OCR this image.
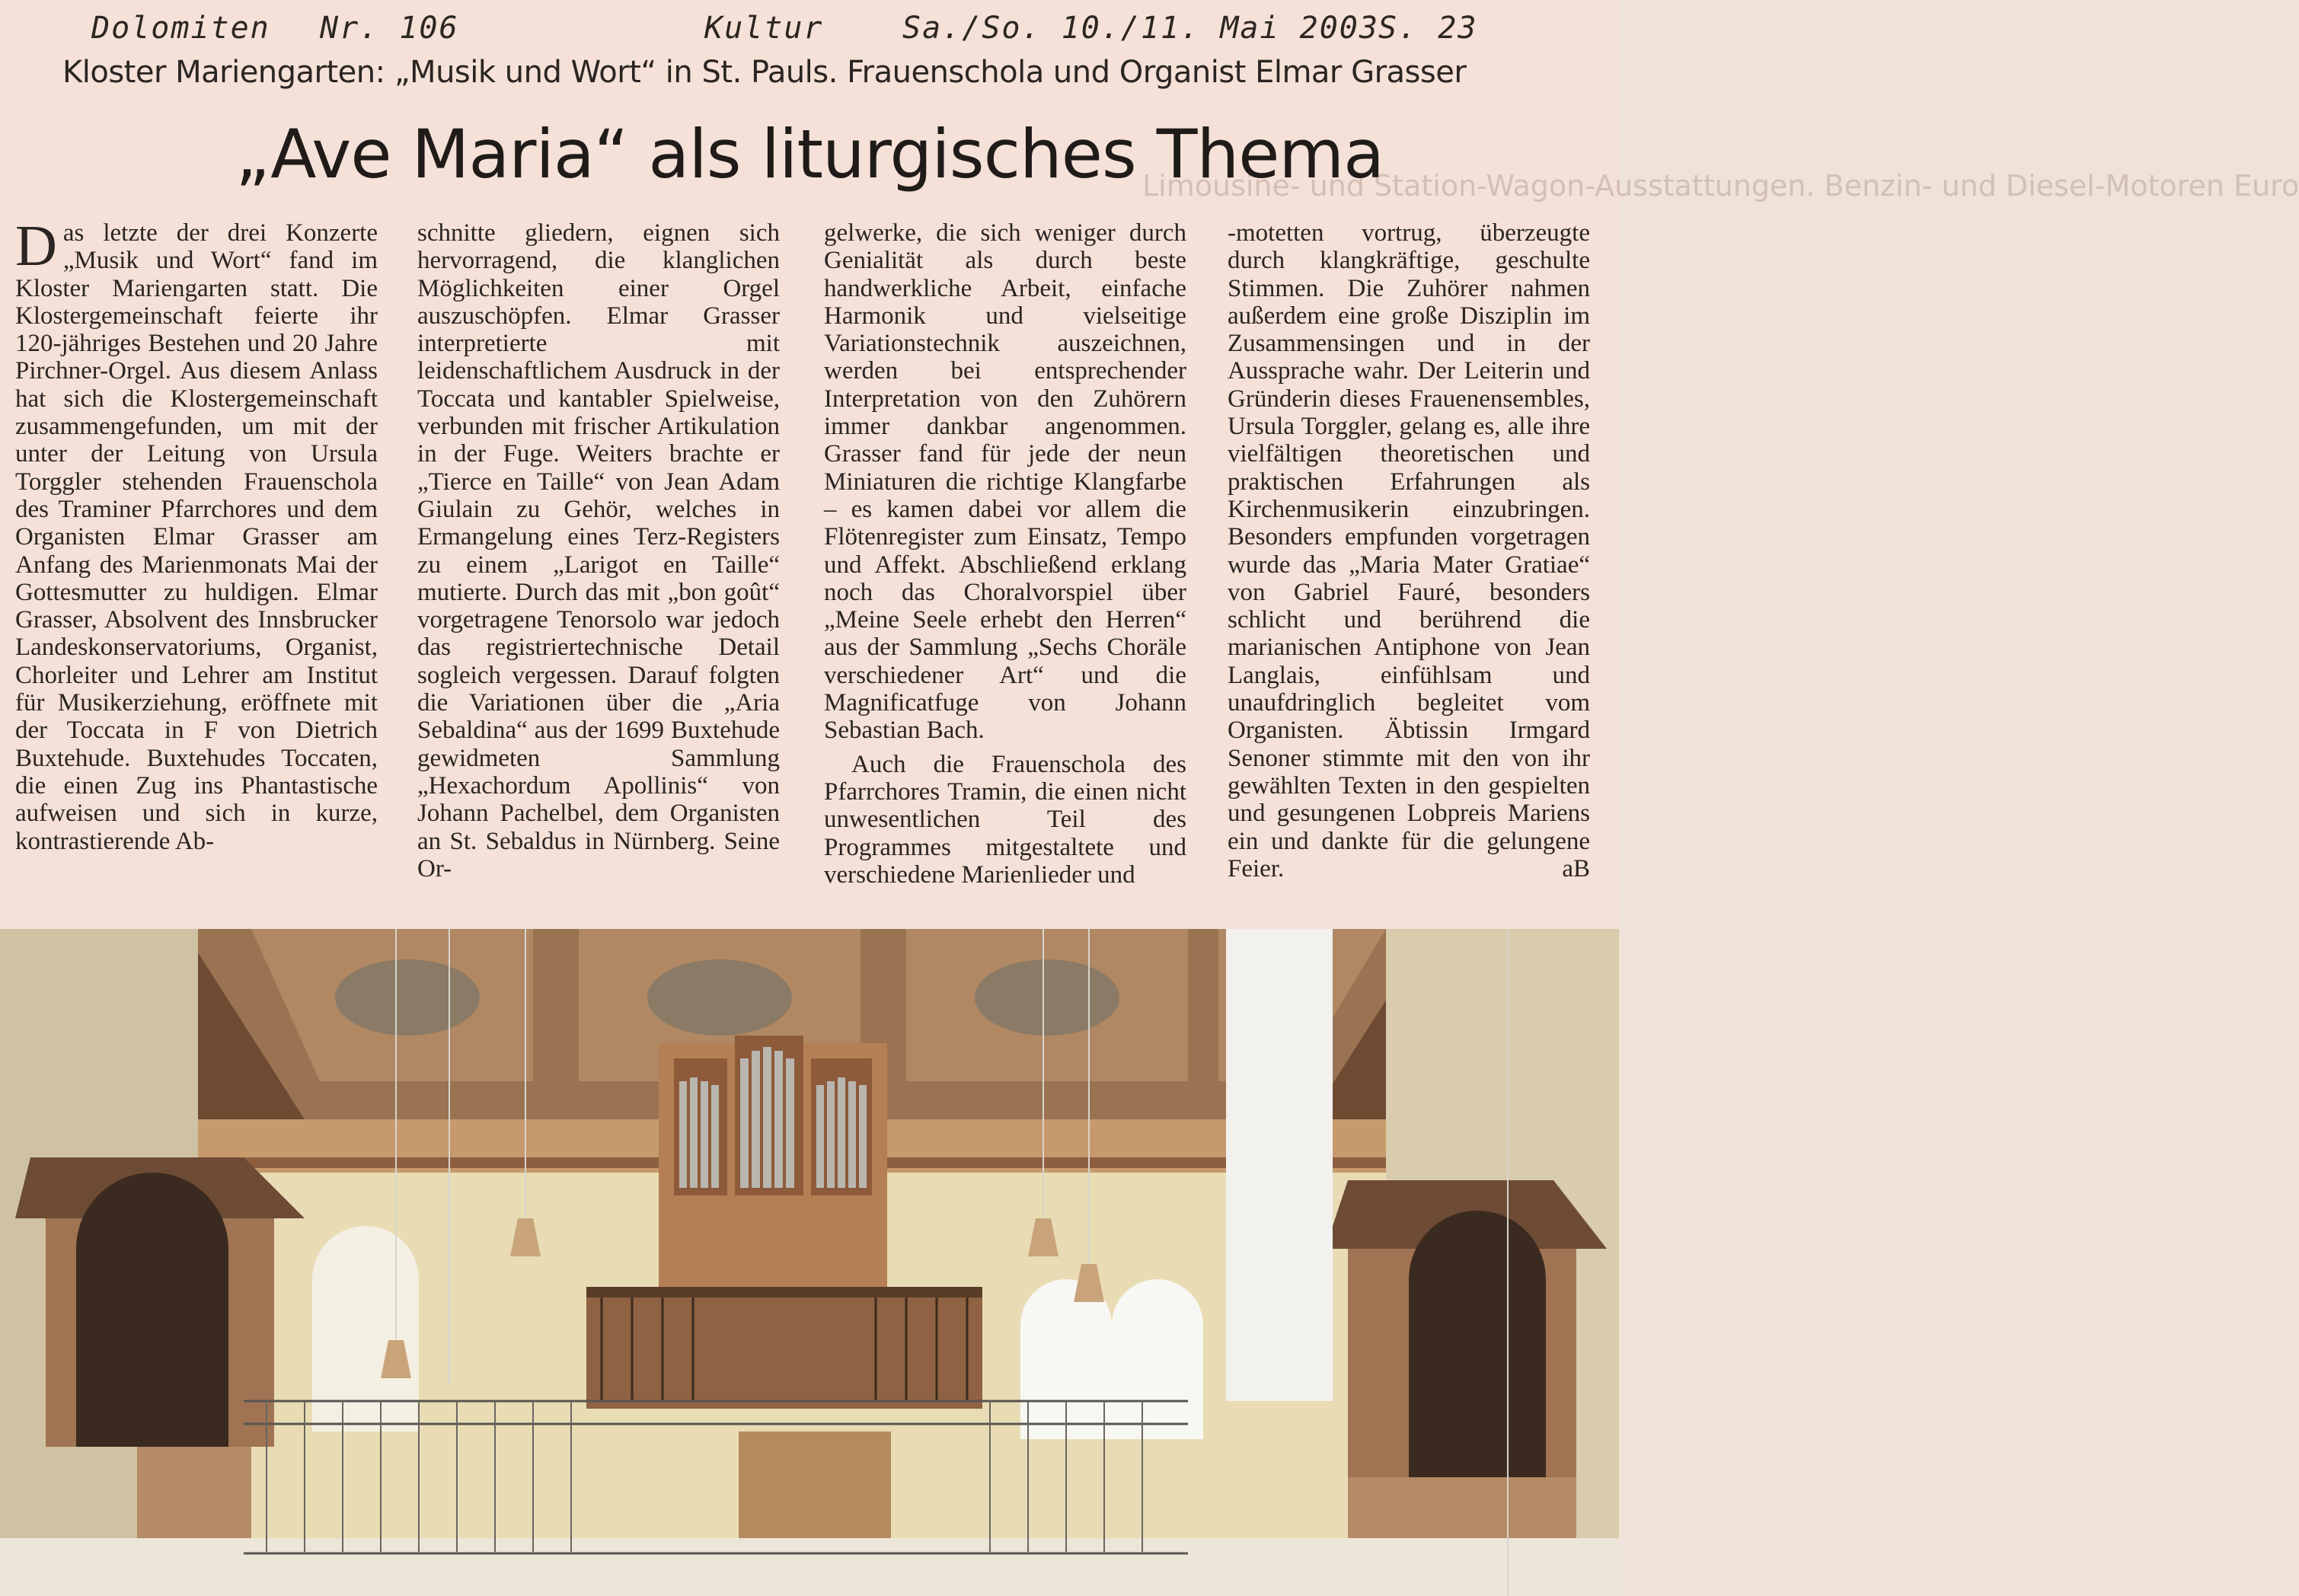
Dolomiten Nr. 106	Kultur	Sa./So. 10./11. Mai 2003 S. 23
Kloster Mariengarten: „Musik und Wort“ in St. Pauls. Frauenschola und Organist Elmar Grasser
Limousine- und Station-Wagon-Ausstattungen. Benzin- und Diesel-Motoren Euro
„Ave Maria“ als liturgisches Thema

Das letzte der drei Konzerte „Musik und Wort“ fand im Kloster Mariengarten statt. Die Klostergemeinschaft feierte ihr 120-jähriges Bestehen und 20 Jahre Pirchner-Orgel. Aus diesem Anlass hat sich die Klostergemeinschaft zusammengefunden, um mit der unter der Leitung von Ursula Torggler stehenden Frauenschola des Traminer Pfarrchores und dem Organisten Elmar Grasser am Anfang des Marienmonats Mai der Gottesmutter zu huldigen. Elmar Grasser, Absolvent des Innsbrucker Landeskonservatoriums, Organist, Chorleiter und Lehrer am Institut für Musikerziehung, eröffnete mit der Toccata in F von Dietrich Buxtehude. Buxtehudes Toccaten, die einen Zug ins Phantastische aufweisen und sich in kurze, kontrastierende Ab-

schnitte gliedern, eignen sich hervorragend, die klanglichen Möglichkeiten einer Orgel auszuschöpfen. Elmar Grasser interpretierte mit leidenschaftlichem Ausdruck in der Toccata und kantabler Spielweise, verbunden mit frischer Artikulation in der Fuge. Weiters brachte er „Tierce en Taille“ von Jean Adam Giulain zu Gehör, welches in Ermangelung eines Terz-Registers zu einem „Larigot en Taille“ mutierte. Durch das mit „bon goût“ vorgetragene Tenorsolo war jedoch das registriertechnische Detail sogleich vergessen. Darauf folgten die Variationen über die „Aria Sebaldina“ aus der 1699 Buxtehude gewidmeten Sammlung „Hexachordum Apollinis“ von Johann Pachelbel, dem Organisten an St. Sebaldus in Nürnberg. Seine Or-

gelwerke, die sich weniger durch Genialität als durch beste handwerkliche Arbeit, einfache Harmonik und vielseitige Variationstechnik auszeichnen, werden bei entsprechender Interpretation von den Zuhörern immer dankbar angenommen. Grasser fand für jede der neun Miniaturen die richtige Klangfarbe – es kamen dabei vor allem die Flötenregister zum Einsatz, Tempo und Affekt. Abschließend erklang noch das Choralvorspiel über „Meine Seele erhebt den Herren“ aus der Sammlung „Sechs Choräle verschiedener Art“ und die Magnificatfuge von Johann Sebastian Bach.

Auch die Frauenschola des Pfarrchores Tramin, die einen nicht unwesentlichen Teil des Programmes mitgestaltete und verschiedene Marienlieder und

-motetten vortrug, überzeugte durch klangkräftige, geschulte Stimmen. Die Zuhörer nahmen außerdem eine große Disziplin im Zusammensingen und in der Aussprache wahr. Der Leiterin und Gründerin dieses Frauenensembles, Ursula Torggler, gelang es, alle ihre vielfältigen theoretischen und praktischen Erfahrungen als Kirchenmusikerin einzubringen. Besonders empfunden vorgetragen wurde das „Maria Mater Gratiae“ von Gabriel Fauré, besonders schlicht und berührend die marianischen Antiphone von Jean Langlais, einfühlsam und unaufdringlich begleitet vom Organisten. Äbtissin Irmgard Senoner stimmte mit den von ihr gewählten Texten in den gespielten und gesungenen Lobpreis Mariens ein und dankte für die gelungene Feier.	aB
